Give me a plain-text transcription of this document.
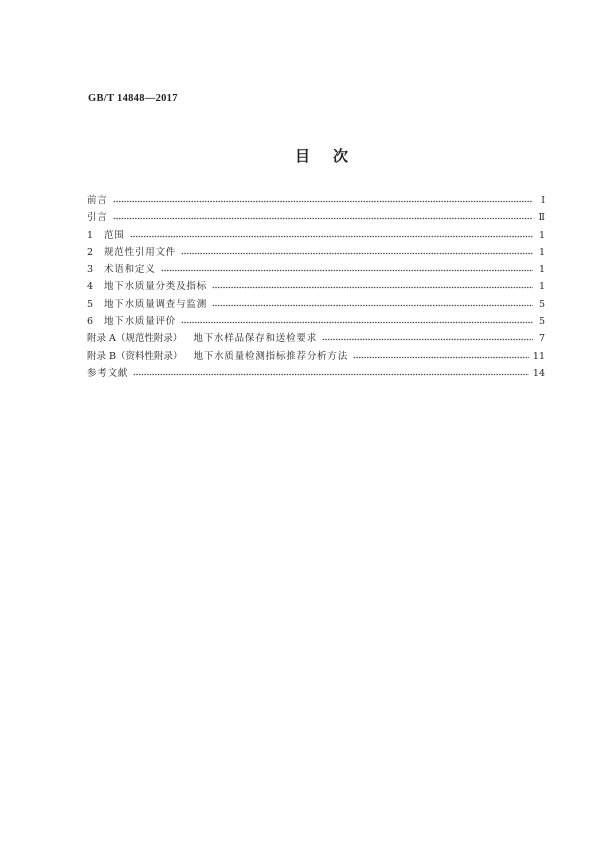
GB/T 14848—2017
目　次
前言	Ⅰ
引言	Ⅱ
1	范围	1
2	规范性引用文件	1
3	术语和定义	1
4	地下水质量分类及指标	1
5	地下水质量调查与监测	5
6	地下水质量评价	5
附录 A（规范性附录） 地下水样品保存和送检要求	7
附录 B（资料性附录） 地下水质量检测指标推荐分析方法	11
参考文献	14
